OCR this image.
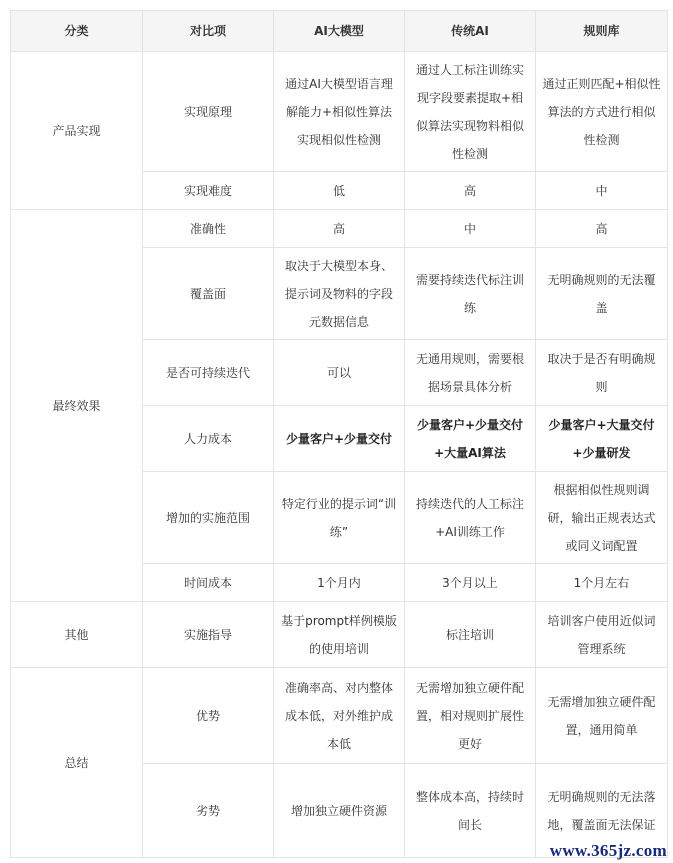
分类	对比项	AI大模型	传统AI	规则库
产品实现	实现原理	通过AI大模型语言理解能力+相似性算法实现相似性检测	通过人工标注训练实现字段要素提取+相似算法实现物料相似性检测	通过正则匹配+相似性算法的方式进行相似性检测
	实现难度	低	高	中
最终效果	准确性	高	中	高
	覆盖面	取决于大模型本身、提示词及物料的字段元数据信息	需要持续迭代标注训练	无明确规则的无法覆盖
	是否可持续迭代	可以	无通用规则，需要根据场景具体分析	取决于是否有明确规则
	人力成本	少量客户+少量交付	少量客户+少量交付+大量AI算法	少量客户+大量交付+少量研发
	增加的实施范围	特定行业的提示词“训练”	持续迭代的人工标注+AI训练工作	根据相似性规则调研，输出正规表达式或同义词配置
	时间成本	1个月内	3个月以上	1个月左右
其他	实施指导	基于prompt样例模版的使用培训	标注培训	培训客户使用近似词管理系统
总结	优势	准确率高、对内整体成本低，对外维护成本低	无需增加独立硬件配置，相对规则扩展性更好	无需增加独立硬件配置，通用简单
	劣势	增加独立硬件资源	整体成本高，持续时间长	无明确规则的无法落地，覆盖面无法保证
www.365jz.com
